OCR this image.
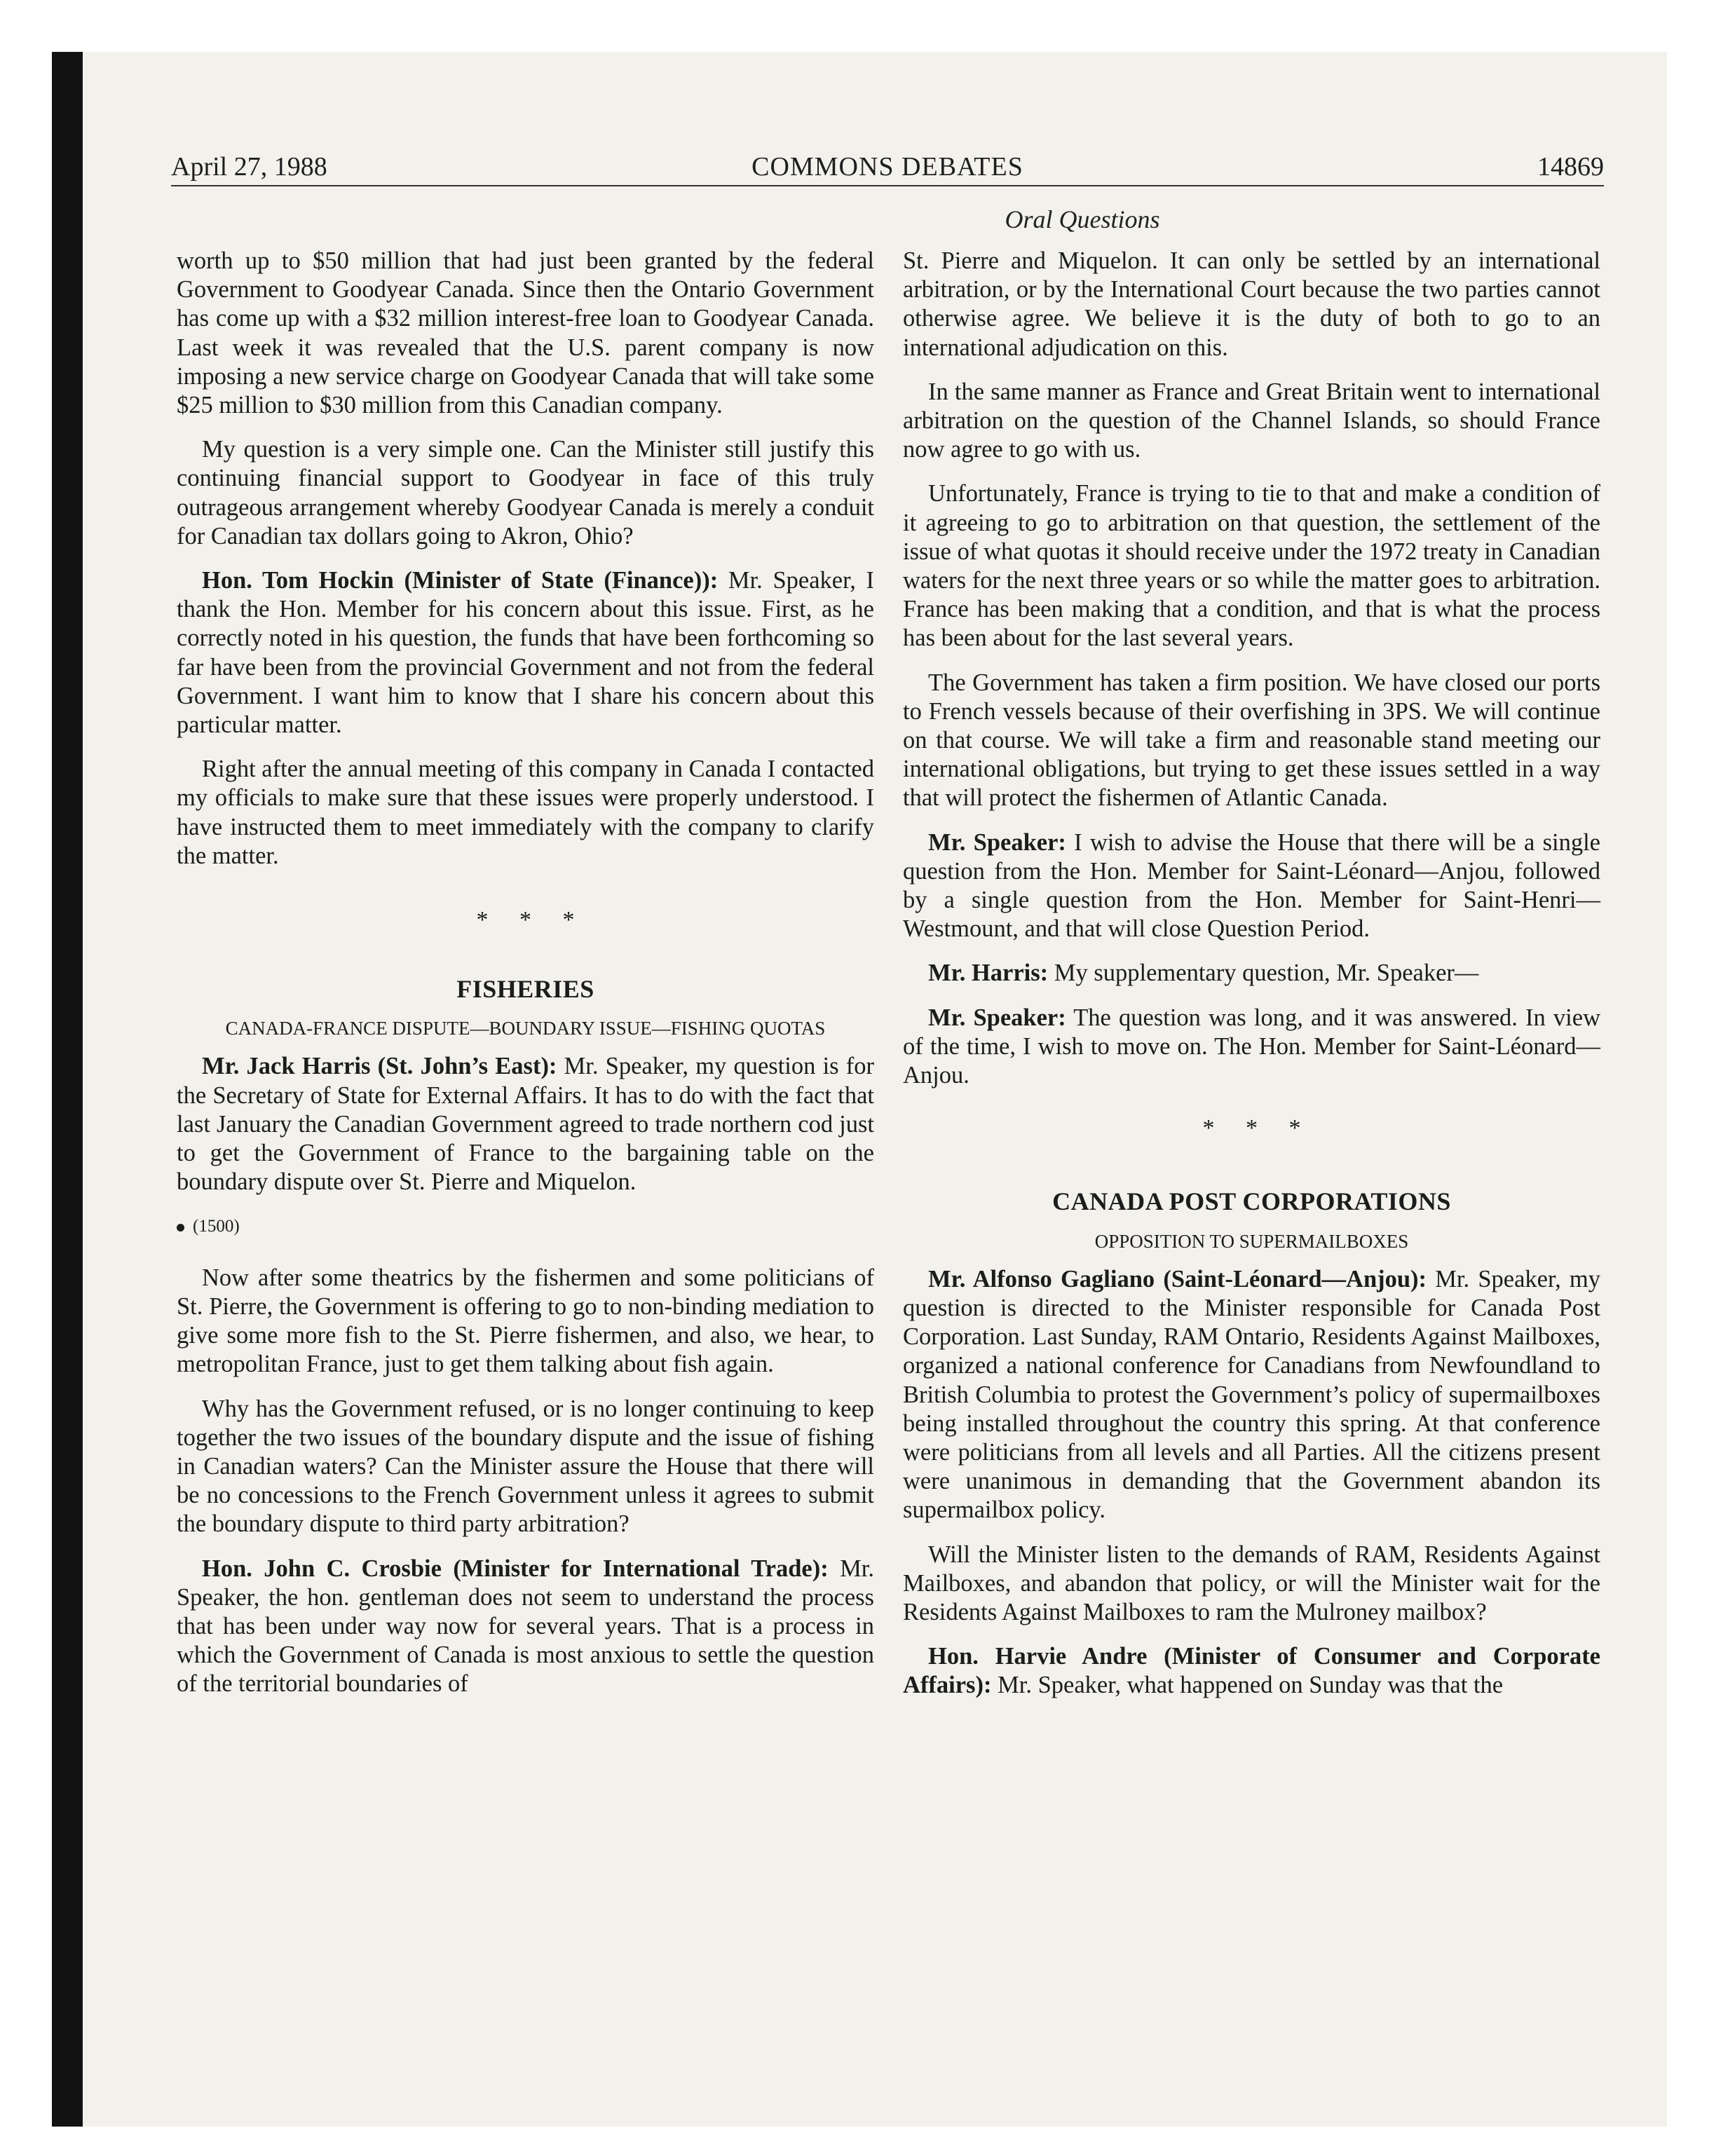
April 27, 1988	COMMONS DEBATES	14869
Oral Questions

worth up to $50 million that had just been granted by the federal Government to Goodyear Canada. Since then the Ontario Government has come up with a $32 million interest-free loan to Goodyear Canada. Last week it was revealed that the U.S. parent company is now imposing a new service charge on Goodyear Canada that will take some $25 million to $30 million from this Canadian company.

My question is a very simple one. Can the Minister still justify this continuing financial support to Goodyear in face of this truly outrageous arrangement whereby Goodyear Canada is merely a conduit for Canadian tax dollars going to Akron, Ohio?

Hon. Tom Hockin (Minister of State (Finance)): Mr. Speaker, I thank the Hon. Member for his concern about this issue. First, as he correctly noted in his question, the funds that have been forthcoming so far have been from the provincial Government and not from the federal Government. I want him to know that I share his concern about this particular matter.

Right after the annual meeting of this company in Canada I contacted my officials to make sure that these issues were properly understood. I have instructed them to meet immediately with the company to clarify the matter.

* * *
FISHERIES
CANADA-FRANCE DISPUTE—BOUNDARY ISSUE—FISHING QUOTAS

Mr. Jack Harris (St. John’s East): Mr. Speaker, my question is for the Secretary of State for External Affairs. It has to do with the fact that last January the Canadian Government agreed to trade northern cod just to get the Government of France to the bargaining table on the boundary dispute over St. Pierre and Miquelon.

(1500)

Now after some theatrics by the fishermen and some politicians of St. Pierre, the Government is offering to go to non-binding mediation to give some more fish to the St. Pierre fishermen, and also, we hear, to metropolitan France, just to get them talking about fish again.

Why has the Government refused, or is no longer continuing to keep together the two issues of the boundary dispute and the issue of fishing in Canadian waters? Can the Minister assure the House that there will be no concessions to the French Government unless it agrees to submit the boundary dispute to third party arbitration?

Hon. John C. Crosbie (Minister for International Trade): Mr. Speaker, the hon. gentleman does not seem to understand the process that has been under way now for several years. That is a process in which the Government of Canada is most anxious to settle the question of the territorial boundaries of

St. Pierre and Miquelon. It can only be settled by an international arbitration, or by the International Court because the two parties cannot otherwise agree. We believe it is the duty of both to go to an international adjudication on this.

In the same manner as France and Great Britain went to international arbitration on the question of the Channel Islands, so should France now agree to go with us.

Unfortunately, France is trying to tie to that and make a condition of it agreeing to go to arbitration on that question, the settlement of the issue of what quotas it should receive under the 1972 treaty in Canadian waters for the next three years or so while the matter goes to arbitration. France has been making that a condition, and that is what the process has been about for the last several years.

The Government has taken a firm position. We have closed our ports to French vessels because of their overfishing in 3PS. We will continue on that course. We will take a firm and reasonable stand meeting our international obligations, but trying to get these issues settled in a way that will protect the fishermen of Atlantic Canada.

Mr. Speaker: I wish to advise the House that there will be a single question from the Hon. Member for Saint-Léonard—Anjou, followed by a single question from the Hon. Member for Saint-Henri—Westmount, and that will close Question Period.

Mr. Harris: My supplementary question, Mr. Speaker—

Mr. Speaker: The question was long, and it was answered. In view of the time, I wish to move on. The Hon. Member for Saint-Léonard—Anjou.

* * *
CANADA POST CORPORATIONS
OPPOSITION TO SUPERMAILBOXES

Mr. Alfonso Gagliano (Saint-Léonard—Anjou): Mr. Speaker, my question is directed to the Minister responsible for Canada Post Corporation. Last Sunday, RAM Ontario, Residents Against Mailboxes, organized a national conference for Canadians from Newfoundland to British Columbia to protest the Government’s policy of supermailboxes being installed throughout the country this spring. At that conference were politicians from all levels and all Parties. All the citizens present were unanimous in demanding that the Government abandon its supermailbox policy.

Will the Minister listen to the demands of RAM, Residents Against Mailboxes, and abandon that policy, or will the Minister wait for the Residents Against Mailboxes to ram the Mulroney mailbox?

Hon. Harvie Andre (Minister of Consumer and Corporate Affairs): Mr. Speaker, what happened on Sunday was that the
